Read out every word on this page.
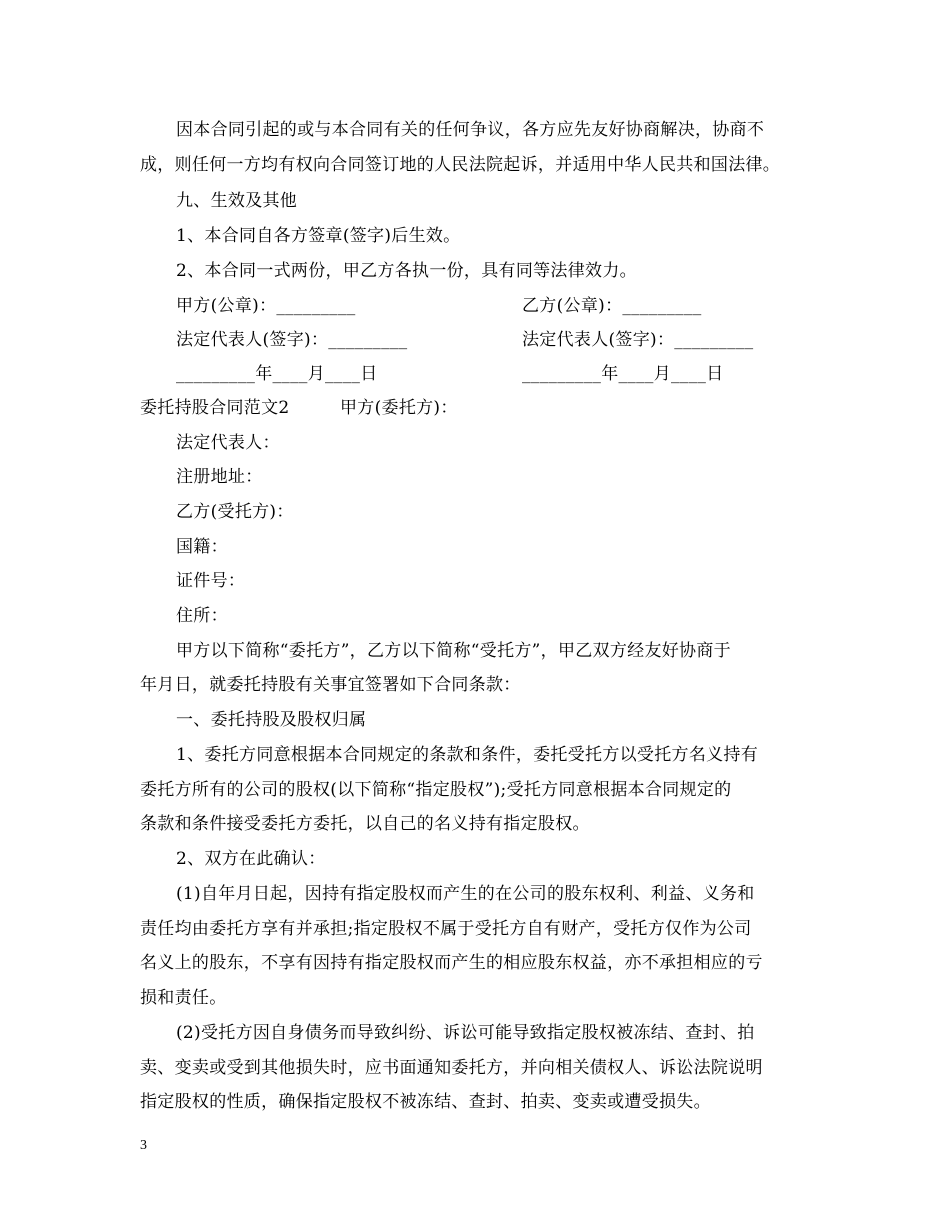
因本合同引起的或与本合同有关的任何争议，各方应先友好协商解决，协商不
成，则任何一方均有权向合同签订地的人民法院起诉，并适用中华人民共和国法律。
九、生效及其他
1、本合同自各方签章(签字)后生效。
2、本合同一式两份，甲乙方各执一份，具有同等法律效力。
甲方(公章)：_________	乙方(公章)：_________
法定代表人(签字)：_________	法定代表人(签字)：_________
_________年____月____日	_________年____月____日
委托持股合同范文2	甲方(委托方)：
法定代表人：
注册地址：
乙方(受托方)：
国籍：
证件号：
住所：
甲方以下简称“委托方”，乙方以下简称“受托方”，甲乙双方经友好协商于
年月日，就委托持股有关事宜签署如下合同条款：
一、委托持股及股权归属
1、委托方同意根据本合同规定的条款和条件，委托受托方以受托方名义持有
委托方所有的公司的股权(以下简称“指定股权”);受托方同意根据本合同规定的
条款和条件接受委托方委托，以自己的名义持有指定股权。
2、双方在此确认：
(1)自年月日起，因持有指定股权而产生的在公司的股东权利、利益、义务和
责任均由委托方享有并承担;指定股权不属于受托方自有财产，受托方仅作为公司
名义上的股东，不享有因持有指定股权而产生的相应股东权益，亦不承担相应的亏
损和责任。
(2)受托方因自身债务而导致纠纷、诉讼可能导致指定股权被冻结、查封、拍
卖、变卖或受到其他损失时，应书面通知委托方，并向相关债权人、诉讼法院说明
指定股权的性质，确保指定股权不被冻结、查封、拍卖、变卖或遭受损失。
3
